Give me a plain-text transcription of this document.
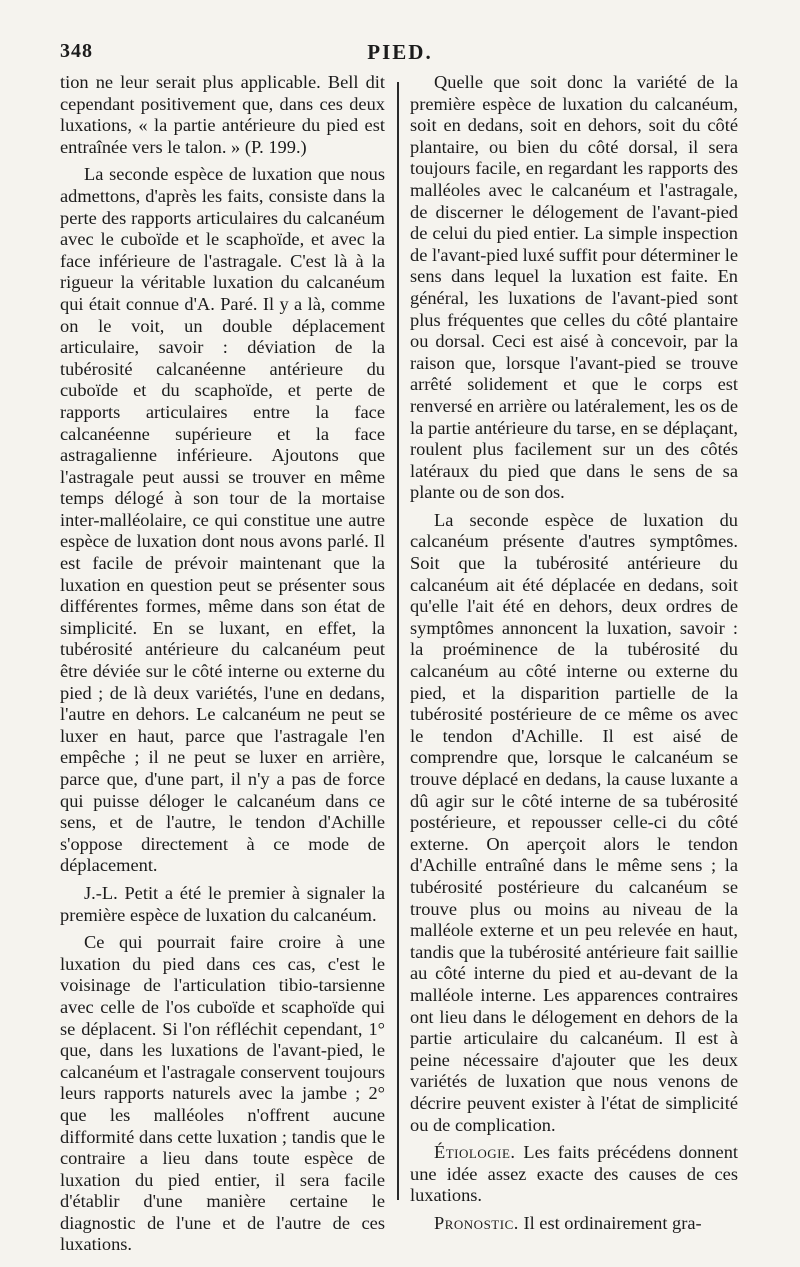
348	PIED.

tion ne leur serait plus applicable. Bell dit cependant positivement que, dans ces deux luxations, « la partie antérieure du pied est entraînée vers le talon. » (P. 199.)

La seconde espèce de luxation que nous admettons, d'après les faits, consiste dans la perte des rapports articulaires du calcanéum avec le cuboïde et le scaphoïde, et avec la face inférieure de l'astragale. C'est là à la rigueur la véritable luxation du calcanéum qui était connue d'A. Paré. Il y a là, comme on le voit, un double déplacement articulaire, savoir : déviation de la tubérosité calcanéenne antérieure du cuboïde et du scaphoïde, et perte de rapports articulaires entre la face calcanéenne supérieure et la face astragalienne inférieure. Ajoutons que l'astragale peut aussi se trouver en même temps délogé à son tour de la mortaise inter-malléolaire, ce qui constitue une autre espèce de luxation dont nous avons parlé. Il est facile de prévoir maintenant que la luxation en question peut se présenter sous différentes formes, même dans son état de simplicité. En se luxant, en effet, la tubérosité antérieure du calcanéum peut être déviée sur le côté interne ou externe du pied ; de là deux variétés, l'une en dedans, l'autre en dehors. Le calcanéum ne peut se luxer en haut, parce que l'astragale l'en empêche ; il ne peut se luxer en arrière, parce que, d'une part, il n'y a pas de force qui puisse déloger le calcanéum dans ce sens, et de l'autre, le tendon d'Achille s'oppose directement à ce mode de déplacement.

J.-L. Petit a été le premier à signaler la première espèce de luxation du calcanéum.

Ce qui pourrait faire croire à une luxation du pied dans ces cas, c'est le voisinage de l'articulation tibio-tarsienne avec celle de l'os cuboïde et scaphoïde qui se déplacent. Si l'on réfléchit cependant, 1° que, dans les luxations de l'avant-pied, le calcanéum et l'astragale conservent toujours leurs rapports naturels avec la jambe ; 2° que les malléoles n'offrent aucune difformité dans cette luxation ; tandis que le contraire a lieu dans toute espèce de luxation du pied entier, il sera facile d'établir d'une manière certaine le diagnostic de l'une et de l'autre de ces luxations.

Quelle que soit donc la variété de la première espèce de luxation du calcanéum, soit en dedans, soit en dehors, soit du côté plantaire, ou bien du côté dorsal, il sera toujours facile, en regardant les rapports des malléoles avec le calcanéum et l'astragale, de discerner le délogement de l'avant-pied de celui du pied entier. La simple inspection de l'avant-pied luxé suffit pour déterminer le sens dans lequel la luxation est faite. En général, les luxations de l'avant-pied sont plus fréquentes que celles du côté plantaire ou dorsal. Ceci est aisé à concevoir, par la raison que, lorsque l'avant-pied se trouve arrêté solidement et que le corps est renversé en arrière ou latéralement, les os de la partie antérieure du tarse, en se déplaçant, roulent plus facilement sur un des côtés latéraux du pied que dans le sens de sa plante ou de son dos.

La seconde espèce de luxation du calcanéum présente d'autres symptômes. Soit que la tubérosité antérieure du calcanéum ait été déplacée en dedans, soit qu'elle l'ait été en dehors, deux ordres de symptômes annoncent la luxation, savoir : la proéminence de la tubérosité du calcanéum au côté interne ou externe du pied, et la disparition partielle de la tubérosité postérieure de ce même os avec le tendon d'Achille. Il est aisé de comprendre que, lorsque le calcanéum se trouve déplacé en dedans, la cause luxante a dû agir sur le côté interne de sa tubérosité postérieure, et repousser celle-ci du côté externe. On aperçoit alors le tendon d'Achille entraîné dans le même sens ; la tubérosité postérieure du calcanéum se trouve plus ou moins au niveau de la malléole externe et un peu relevée en haut, tandis que la tubérosité antérieure fait saillie au côté interne du pied et au-devant de la malléole interne. Les apparences contraires ont lieu dans le délogement en dehors de la partie articulaire du calcanéum. Il est à peine nécessaire d'ajouter que les deux variétés de luxation que nous venons de décrire peuvent exister à l'état de simplicité ou de complication.

Étiologie. Les faits précédens donnent une idée assez exacte des causes de ces luxations.

Pronostic. Il est ordinairement gra-
